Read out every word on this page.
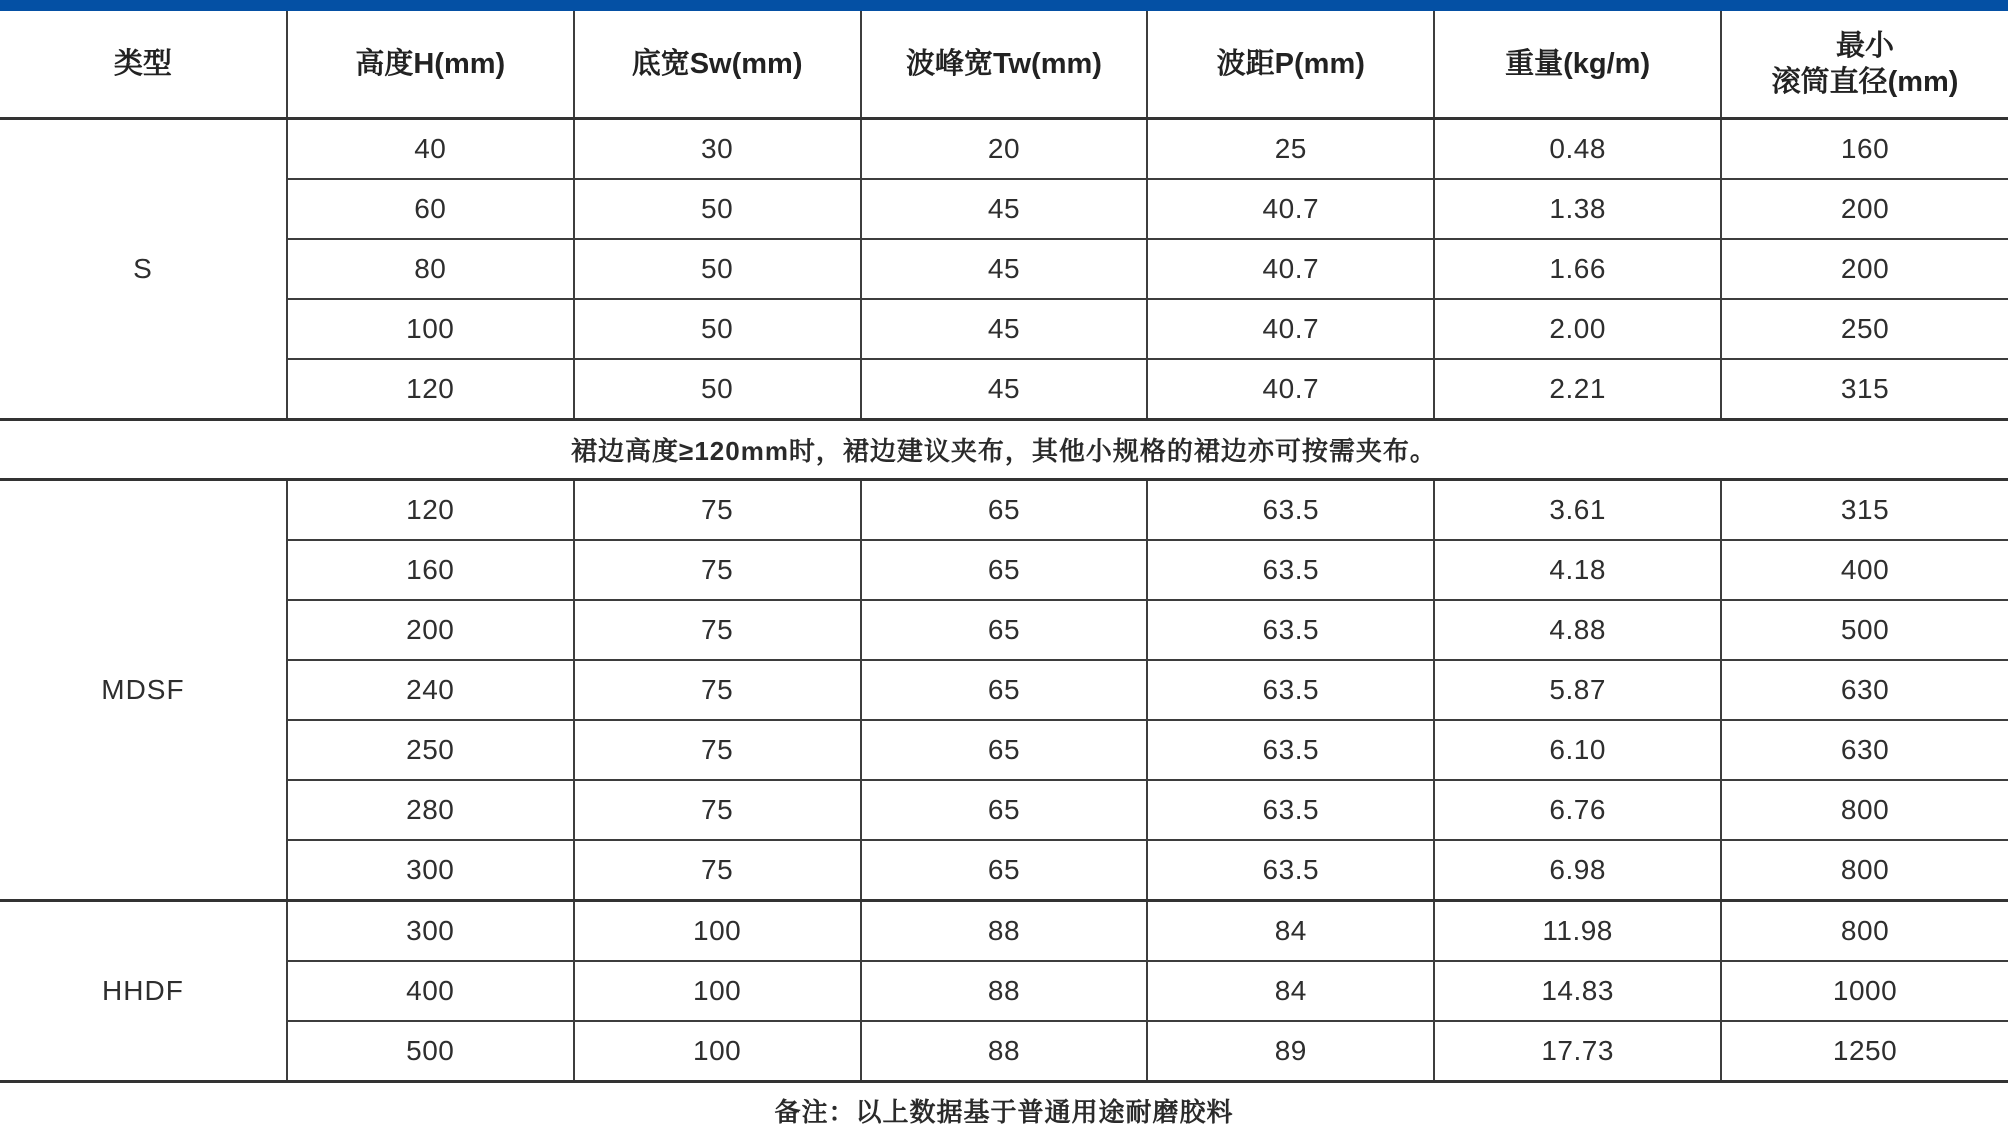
类型	高度H(mm)	底宽Sw(mm)	波峰宽Tw(mm)	波距P(mm)	重量(kg/m)	最小
滚筒直径(mm)

S	40	30	20	25	0.48	160
	60	50	45	40.7	1.38	200
	80	50	45	40.7	1.66	200
	100	50	45	40.7	2.00	250
	120	50	45	40.7	2.21	315
裙边高度≥120mm时，裙边建议夹布，其他小规格的裙边亦可按需夹布。						
MDSF	120	75	65	63.5	3.61	315
	160	75	65	63.5	4.18	400
	200	75	65	63.5	4.88	500
	240	75	65	63.5	5.87	630
	250	75	65	63.5	6.10	630
	280	75	65	63.5	6.76	800
	300	75	65	63.5	6.98	800
HHDF	300	100	88	84	11.98	800
	400	100	88	84	14.83	1000
	500	100	88	89	17.73	1250
备注：以上数据基于普通用途耐磨胶料						
